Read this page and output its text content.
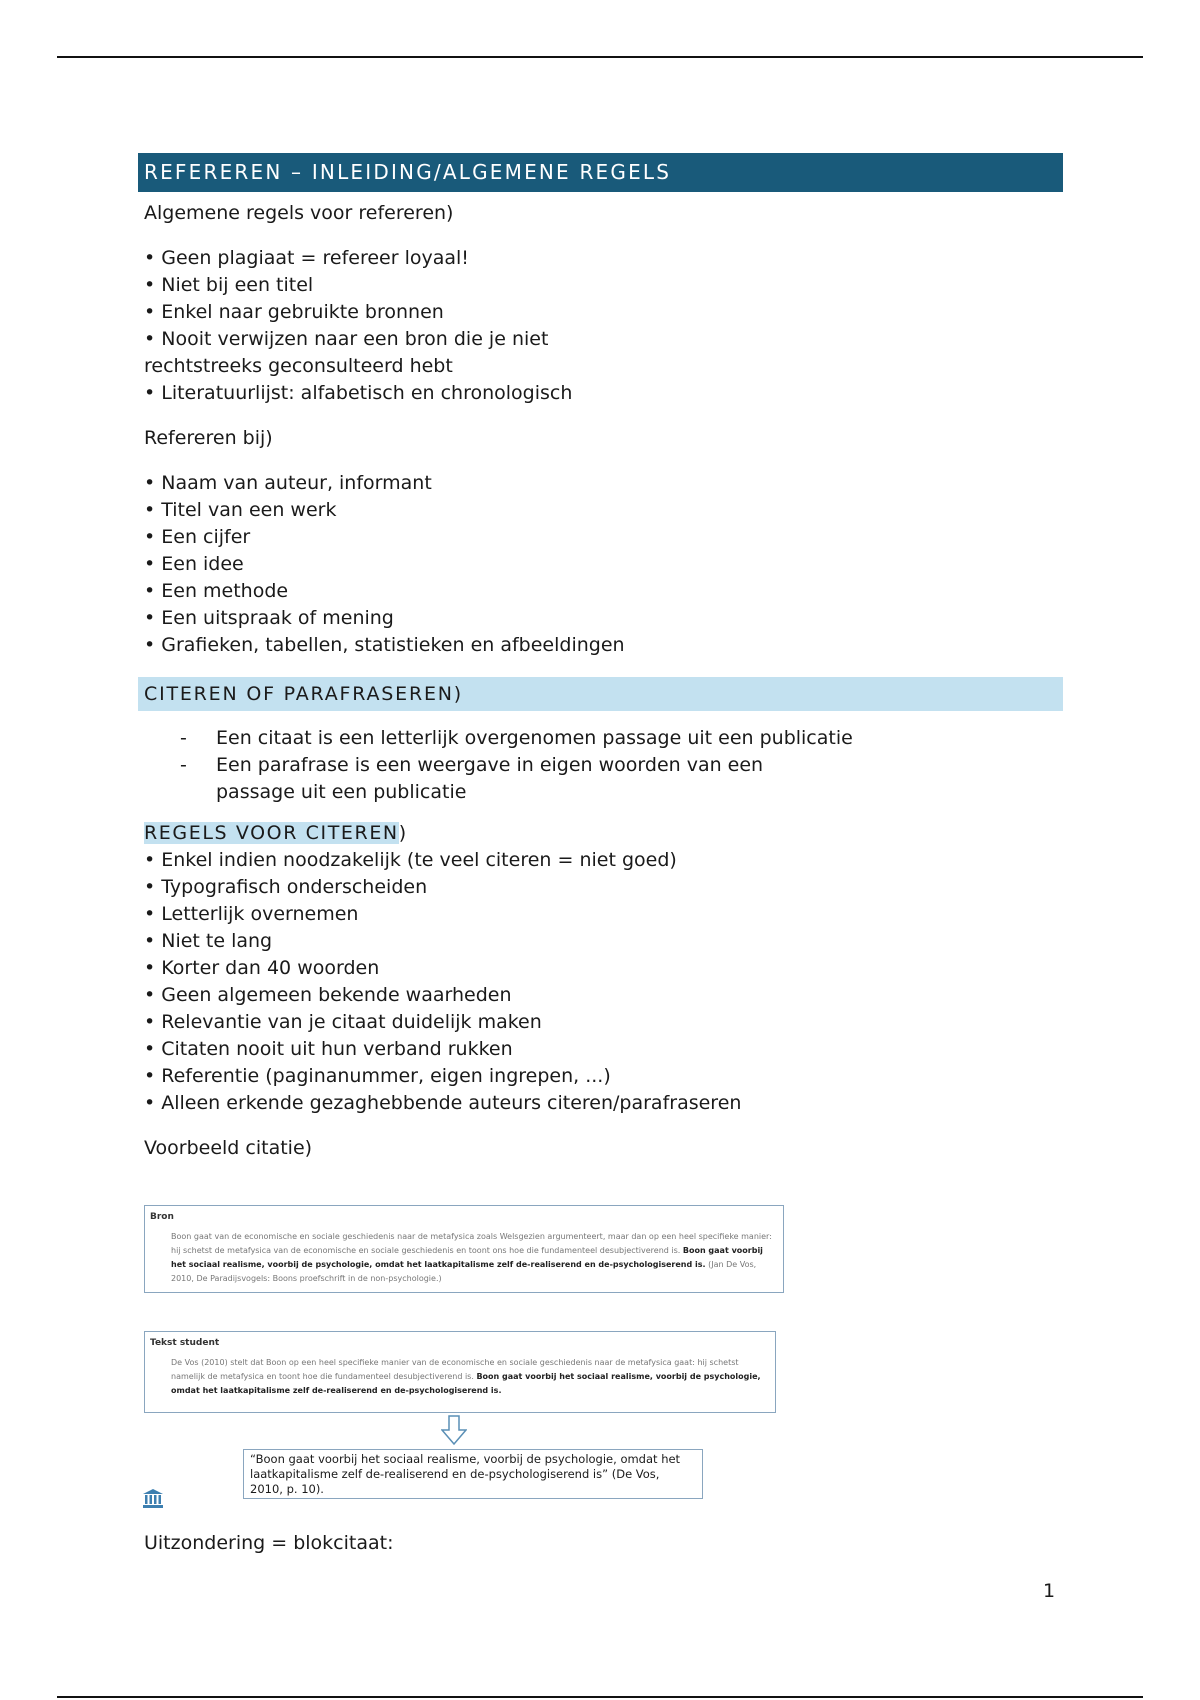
REFEREREN – INLEIDING/ALGEMENE REGELS

Algemene regels voor refereren)

• Geen plagiaat = refereer loyaal!
• Niet bij een titel
• Enkel naar gebruikte bronnen
• Nooit verwijzen naar een bron die je niet
rechtstreeks geconsulteerd hebt
• Literatuurlijst: alfabetisch en chronologisch

Refereren bij)

• Naam van auteur, informant
• Titel van een werk
• Een cijfer
• Een idee
• Een methode
• Een uitspraak of mening
• Grafieken, tabellen, statistieken en afbeeldingen
CITEREN OF PARAFRASEREN)
- Een citaat is een letterlijk overgenomen passage uit een publicatie
- Een parafrase is een weergave in eigen woorden van een
passage uit een publicatie
REGELS VOOR CITEREN)
• Enkel indien noodzakelijk (te veel citeren = niet goed)
• Typografisch onderscheiden
• Letterlijk overnemen
• Niet te lang
• Korter dan 40 woorden
• Geen algemeen bekende waarheden
• Relevantie van je citaat duidelijk maken
• Citaten nooit uit hun verband rukken
• Referentie (paginanummer, eigen ingrepen, ...)
• Alleen erkende gezaghebbende auteurs citeren/parafraseren

Voorbeeld citatie)

Bron
Boon gaat van de economische en sociale geschiedenis naar de metafysica zoals Welsgezien argumenteert, maar dan op een heel specifieke manier: hij schetst de metafysica van de economische en sociale geschiedenis en toont ons hoe die fundamenteel desubjectiverend is. Boon gaat voorbij het sociaal realisme, voorbij de psychologie, omdat het laatkapitalisme zelf de-realiserend en de-psychologiserend is. (Jan De Vos, 2010, De Paradijsvogels: Boons proefschrift in de non-psychologie.)
Tekst student
De Vos (2010) stelt dat Boon op een heel specifieke manier van de economische en sociale geschiedenis naar de metafysica gaat: hij schetst namelijk de metafysica en toont hoe die fundamenteel desubjectiverend is. Boon gaat voorbij het sociaal realisme, voorbij de psychologie, omdat het laatkapitalisme zelf de-realiserend en de-psychologiserend is.
“Boon gaat voorbij het sociaal realisme, voorbij de psychologie, omdat het laatkapitalisme zelf de-realiserend en de-psychologiserend is” (De Vos, 2010, p. 10).

Uitzondering = blokcitaat:

1
